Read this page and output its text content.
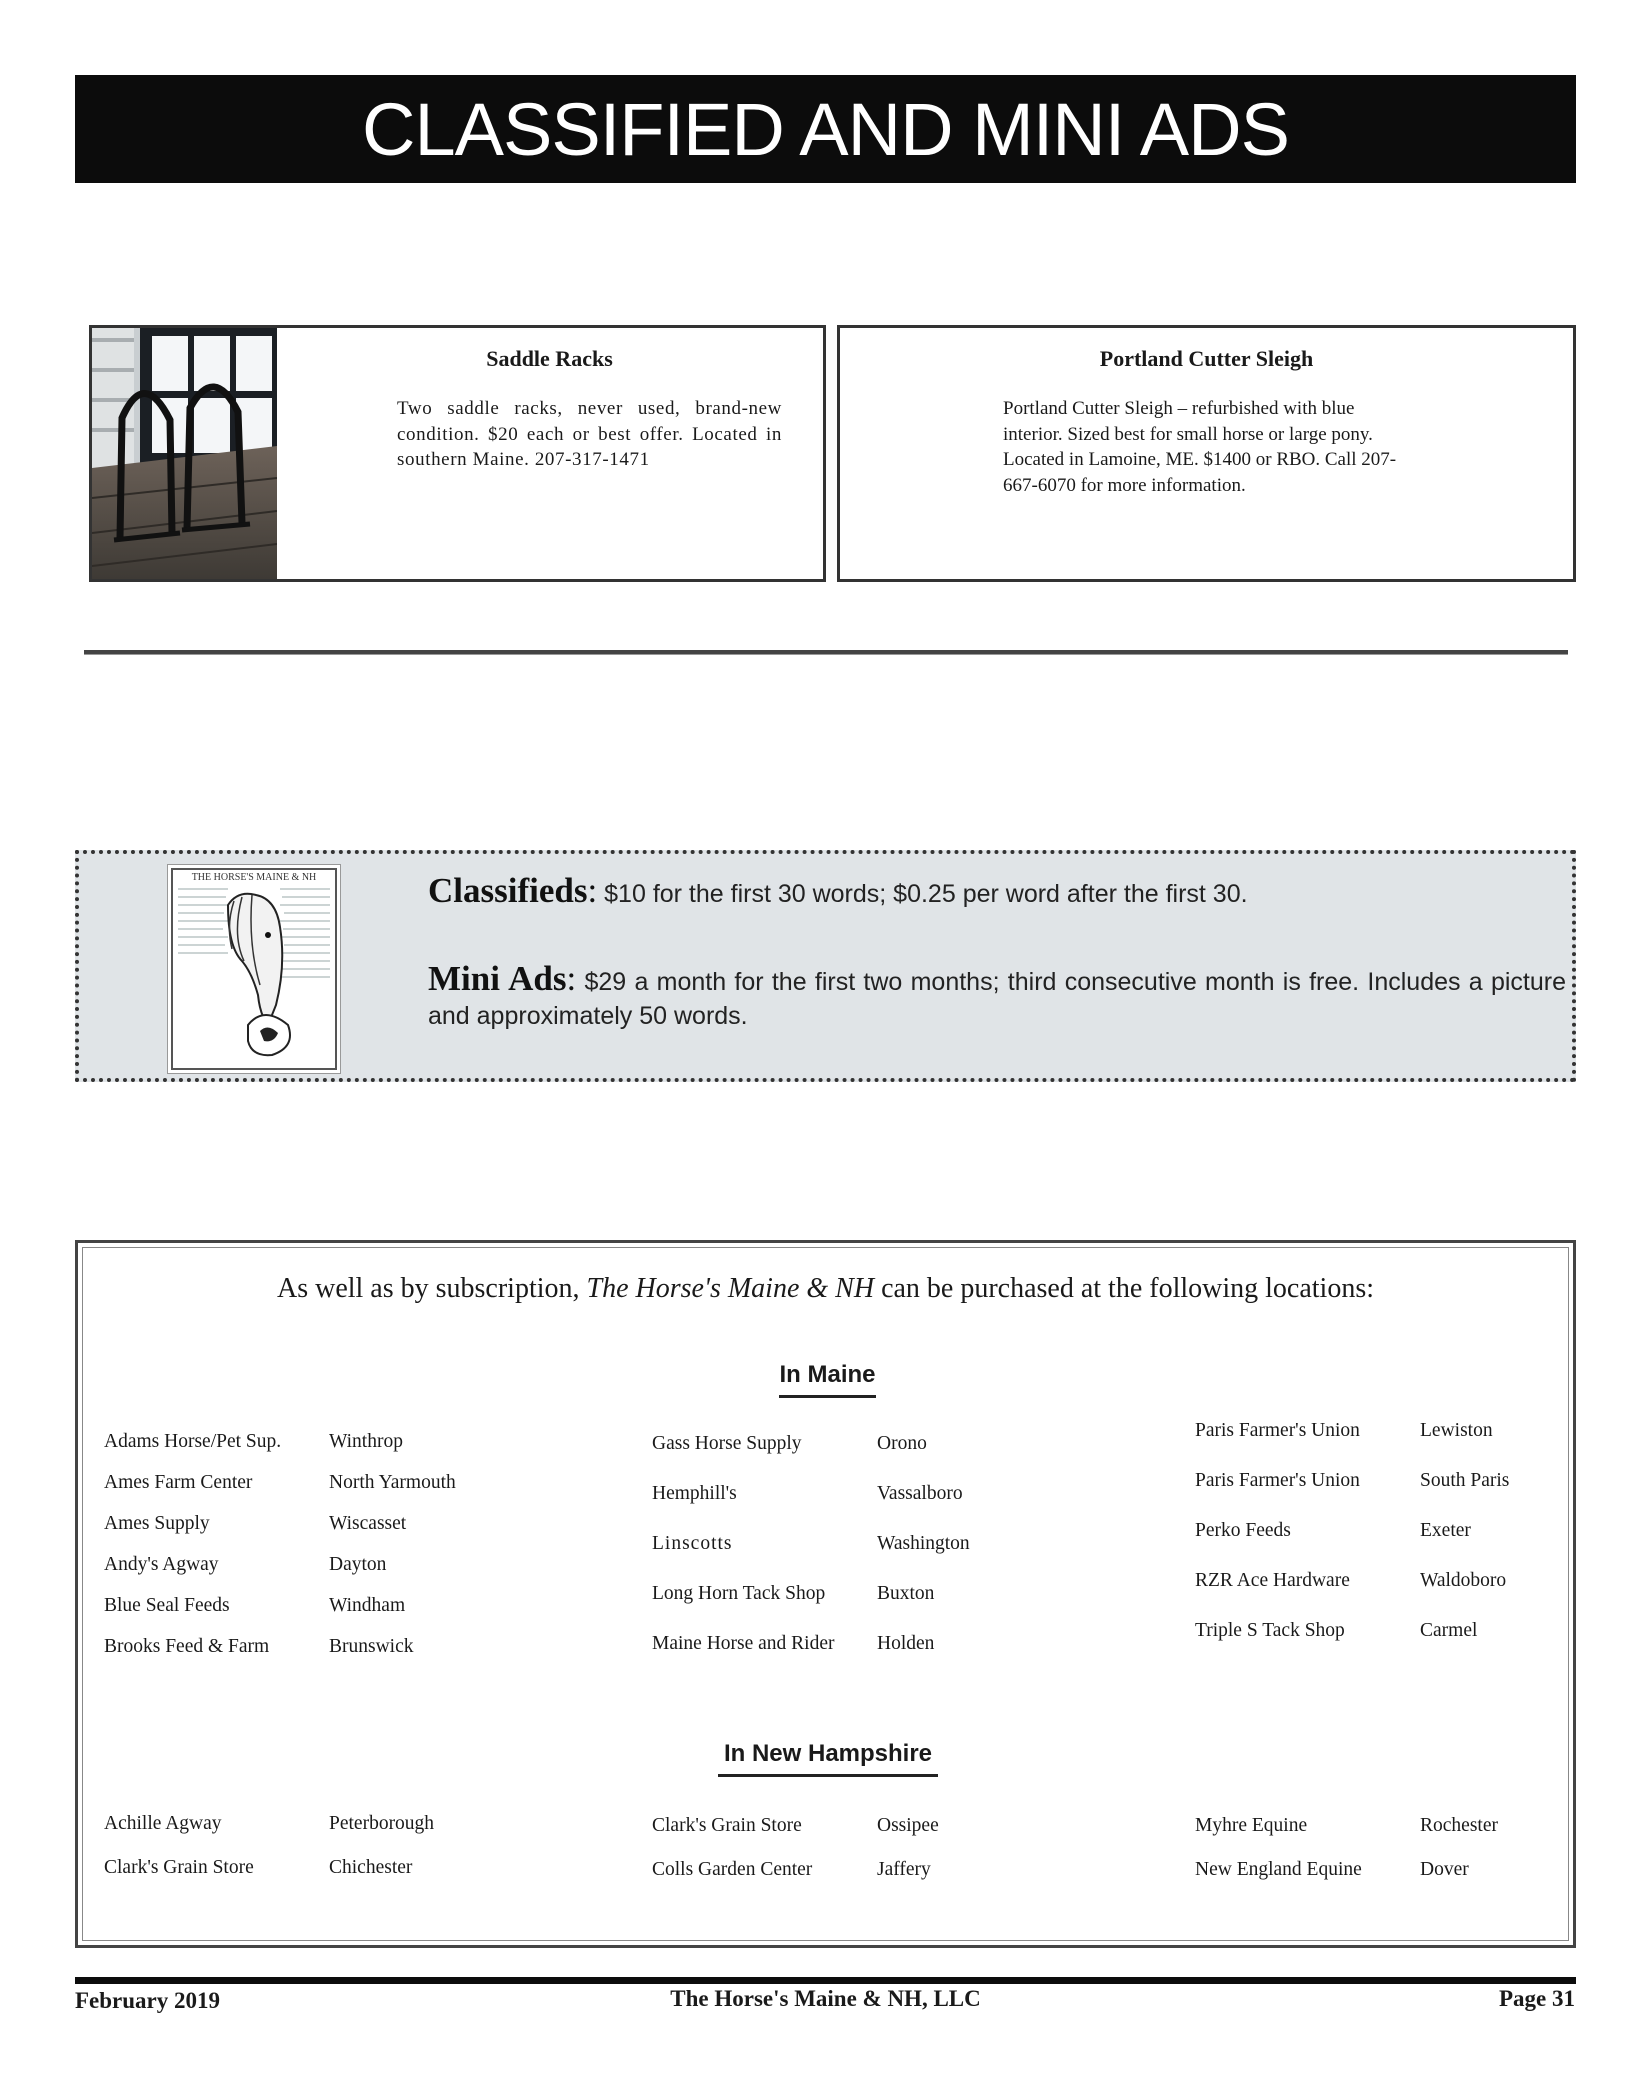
CLASSIFIED AND MINI ADS
Saddle Racks
Two saddle racks, never used, brand-new condition. $20 each or best offer. Located in southern Maine. 207-317-1471
Portland Cutter Sleigh
Portland Cutter Sleigh – refurbished with blue interior. Sized best for small horse or large pony. Located in Lamoine, ME. $1400 or RBO. Call 207-667-6070 for more information.
THE HORSE'S MAINE & NH	Classifieds: $10 for the first 30 words; $0.25 per word after the first 30.
Mini Ads: $29 a month for the first two months; third consecutive month is free. Includes a picture and approximately 50 words.
As well as by subscription, The Horse's Maine & NH can be purchased at the following locations:
In Maine
Adams Horse/Pet Sup. Winthrop
Ames Farm Center	North Yarmouth
Ames Supply	Wiscasset
Andy's Agway	Dayton
Blue Seal Feeds	Windham
Brooks Feed & Farm	Brunswick
Gass Horse Supply	Orono
Hemphill's	Vassalboro
Linscotts	Washington
Long Horn Tack Shop	Buxton
Maine Horse and Rider Holden
Paris Farmer's Union	Lewiston
Paris Farmer's Union	South Paris
Perko Feeds	Exeter
RZR Ace Hardware	Waldoboro
Triple S Tack Shop	Carmel
In New Hampshire
Achille Agway	Peterborough
Clark's Grain Store	Chichester
Clark's Grain Store	Ossipee
Colls Garden Center	Jaffery
Myhre Equine	Rochester
New England Equine	Dover
February 2019	The Horse's Maine & NH, LLC	Page 31
